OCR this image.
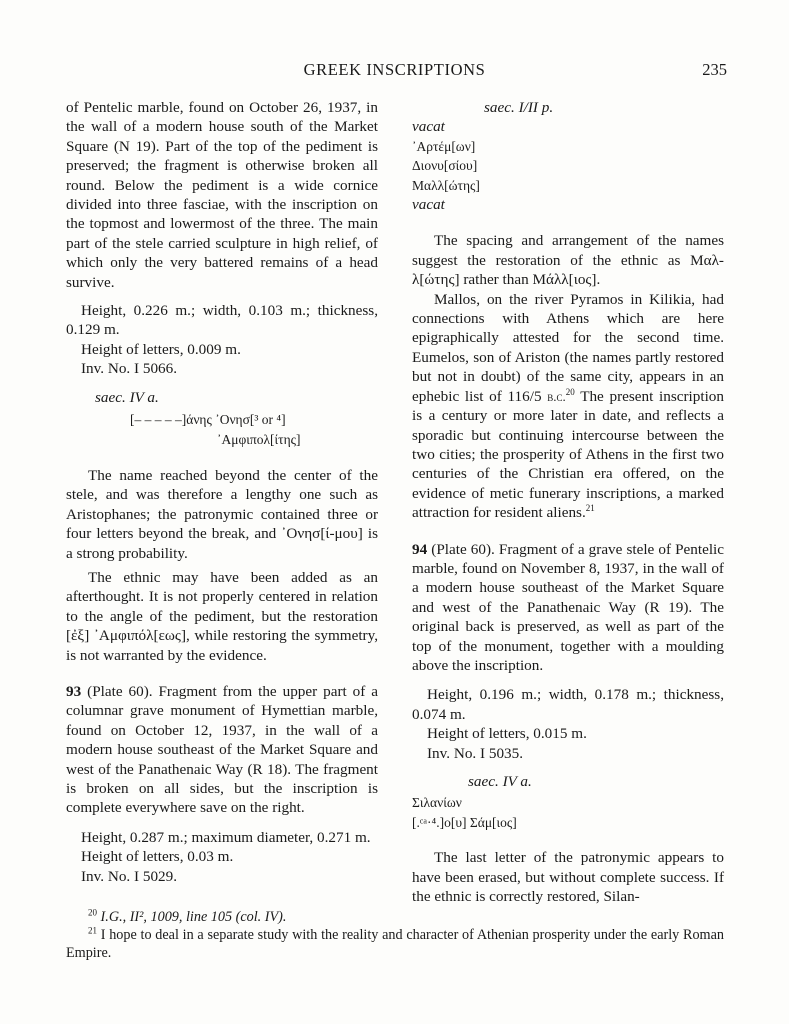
GREEK INSCRIPTIONS	235

of Pentelic marble, found on October 26, 1937, in the wall of a modern house south of the Market Square (N 19). Part of the top of the pediment is preserved; the fragment is otherwise broken all round. Below the pediment is a wide cornice divided into three fasciae, with the inscription on the topmost and lowermost of the three. The main part of the stele carried sculpture in high relief, of which only the very battered remains of a head survive.

Height, 0.226 m.; width, 0.103 m.; thickness, 0.129 m.

Height of letters, 0.009 m.

Inv. No. I 5066.

saec. IV a.

[– – – – –]άνης ᾿Ονησ[³ or ⁴]

᾿Αμφιπολ[ίτης]

The name reached beyond the center of the stele, and was therefore a lengthy one such as Aristophanes; the patronymic contained three or four letters beyond the break, and ᾿Ονησ[ί-μου] is a strong probability.

The ethnic may have been added as an afterthought. It is not properly centered in relation to the angle of the pediment, but the restoration [ἐξ] ᾿Αμφιπόλ[εως], while restoring the symmetry, is not warranted by the evidence.

93 (Plate 60). Fragment from the upper part of a columnar grave monument of Hymettian marble, found on October 12, 1937, in the wall of a modern house southeast of the Market Square and west of the Panathenaic Way (R 18). The fragment is broken on all sides, but the inscription is complete everywhere save on the right.

Height, 0.287 m.; maximum diameter, 0.271 m.

Height of letters, 0.03 m.

Inv. No. I 5029.

saec. I/II p.

vacat

᾿Αρτέμ[ων]

Διονυ[σίου]

Μαλλ[ώτης]

vacat

The spacing and arrangement of the names suggest the restoration of the ethnic as Μαλ-λ[ώτης] rather than Μάλλ[ιος].

Mallos, on the river Pyramos in Kilikia, had connections with Athens which are here epigraphically attested for the second time. Eumelos, son of Ariston (the names partly restored but not in doubt) of the same city, appears in an ephebic list of 116/5 b.c.$^{20}$ The present inscription is a century or more later in date, and reflects a sporadic but continuing intercourse between the two cities; the prosperity of Athens in the first two centuries of the Christian era offered, on the evidence of metic funerary inscriptions, a marked attraction for resident aliens.$^{21}$

94 (Plate 60). Fragment of a grave stele of Pentelic marble, found on November 8, 1937, in the wall of a modern house southeast of the Market Square and west of the Panathenaic Way (R 19). The original back is preserved, as well as part of the top of the monument, together with a moulding above the inscription.

Height, 0.196 m.; width, 0.178 m.; thickness, 0.074 m.

Height of letters, 0.015 m.

Inv. No. I 5035.

saec. IV a.

Σιλανίων

[.ᶜᵃ·⁴.]ο[υ] Σάμ[ιος]

The last letter of the patronymic appears to have been erased, but without complete success. If the ethnic is correctly restored, Silan-

$^{20}$ I.G., II², 1009, line 105 (col. IV).

$^{21}$ I hope to deal in a separate study with the reality and character of Athenian prosperity under the early Roman Empire.
